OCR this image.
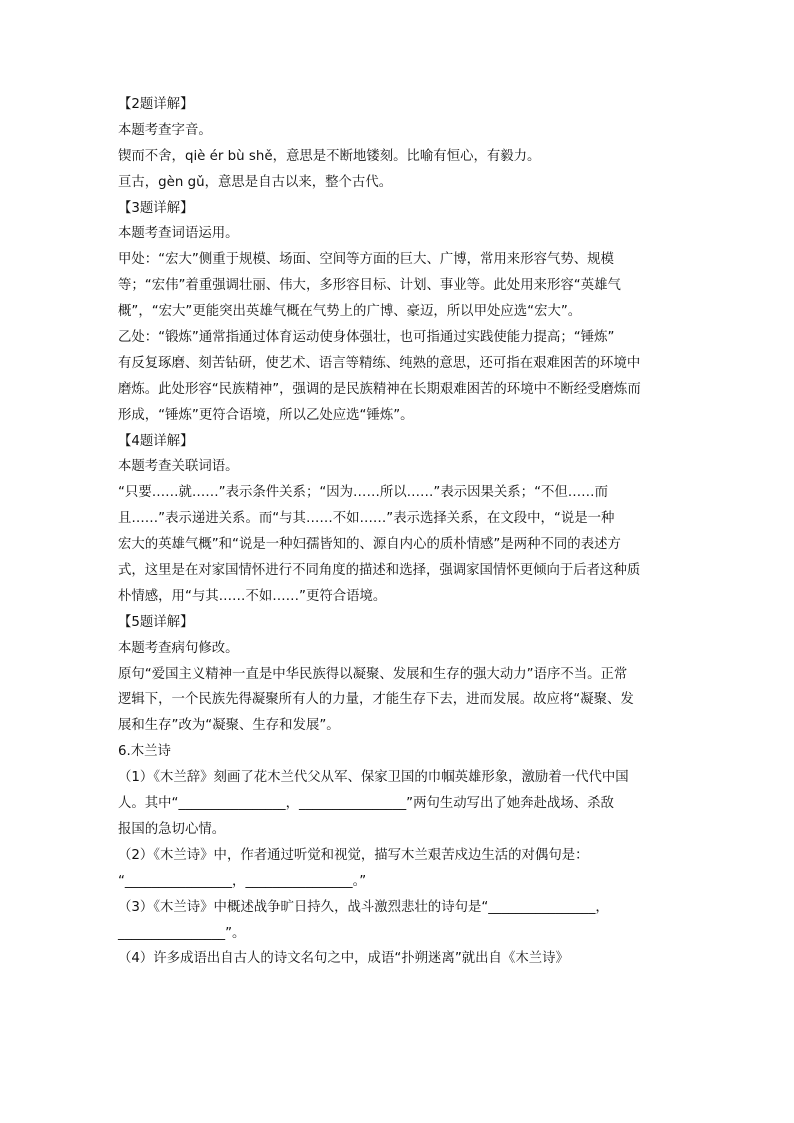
【2题详解】
本题考查字音。
锲而不舍，qiè ér bù shě，意思是不断地镂刻。比喻有恒心，有毅力。
亘古，gèn gǔ，意思是自古以来，整个古代。
【3题详解】
本题考查词语运用。
甲处：“宏大”侧重于规模、场面、空间等方面的巨大、广博，常用来形容气势、规模
等；“宏伟”着重强调壮丽、伟大，多形容目标、计划、事业等。此处用来形容“英雄气
概”，“宏大”更能突出英雄气概在气势上的广博、豪迈，所以甲处应选“宏大”。
乙处：“锻炼”通常指通过体育运动使身体强壮，也可指通过实践使能力提高；“锤炼”
有反复琢磨、刻苦钻研，使艺术、语言等精练、纯熟的意思，还可指在艰难困苦的环境中
磨炼。此处形容“民族精神”，强调的是民族精神在长期艰难困苦的环境中不断经受磨炼而
形成，“锤炼”更符合语境，所以乙处应选“锤炼”。
【4题详解】
本题考查关联词语。
“只要……就……”表示条件关系；“因为……所以……”表示因果关系；“不但……而
且……”表示递进关系。而“与其……不如……”表示选择关系，在文段中，“说是一种
宏大的英雄气概”和“说是一种妇孺皆知的、源自内心的质朴情感”是两种不同的表述方
式，这里是在对家国情怀进行不同角度的描述和选择，强调家国情怀更倾向于后者这种质
朴情感，用“与其……不如……”更符合语境。
【5题详解】
本题考查病句修改。
原句“爱国主义精神一直是中华民族得以凝聚、发展和生存的强大动力”语序不当。正常
逻辑下，一个民族先得凝聚所有人的力量，才能生存下去，进而发展。故应将“凝聚、发
展和生存”改为“凝聚、生存和发展”。
6.木兰诗
（1）《木兰辞》刻画了花木兰代父从军、保家卫国的巾帼英雄形象，激励着一代代中国
人。其中“________________，________________”两句生动写出了她奔赴战场、杀敌
报国的急切心情。
（2）《木兰诗》中，作者通过听觉和视觉，描写木兰艰苦戍边生活的对偶句是：
“________________，________________。”
（3）《木兰诗》中概述战争旷日持久，战斗激烈悲壮的诗句是“________________，
________________”。
（4）许多成语出自古人的诗文名句之中，成语“扑朔迷离”就出自《木兰诗》
